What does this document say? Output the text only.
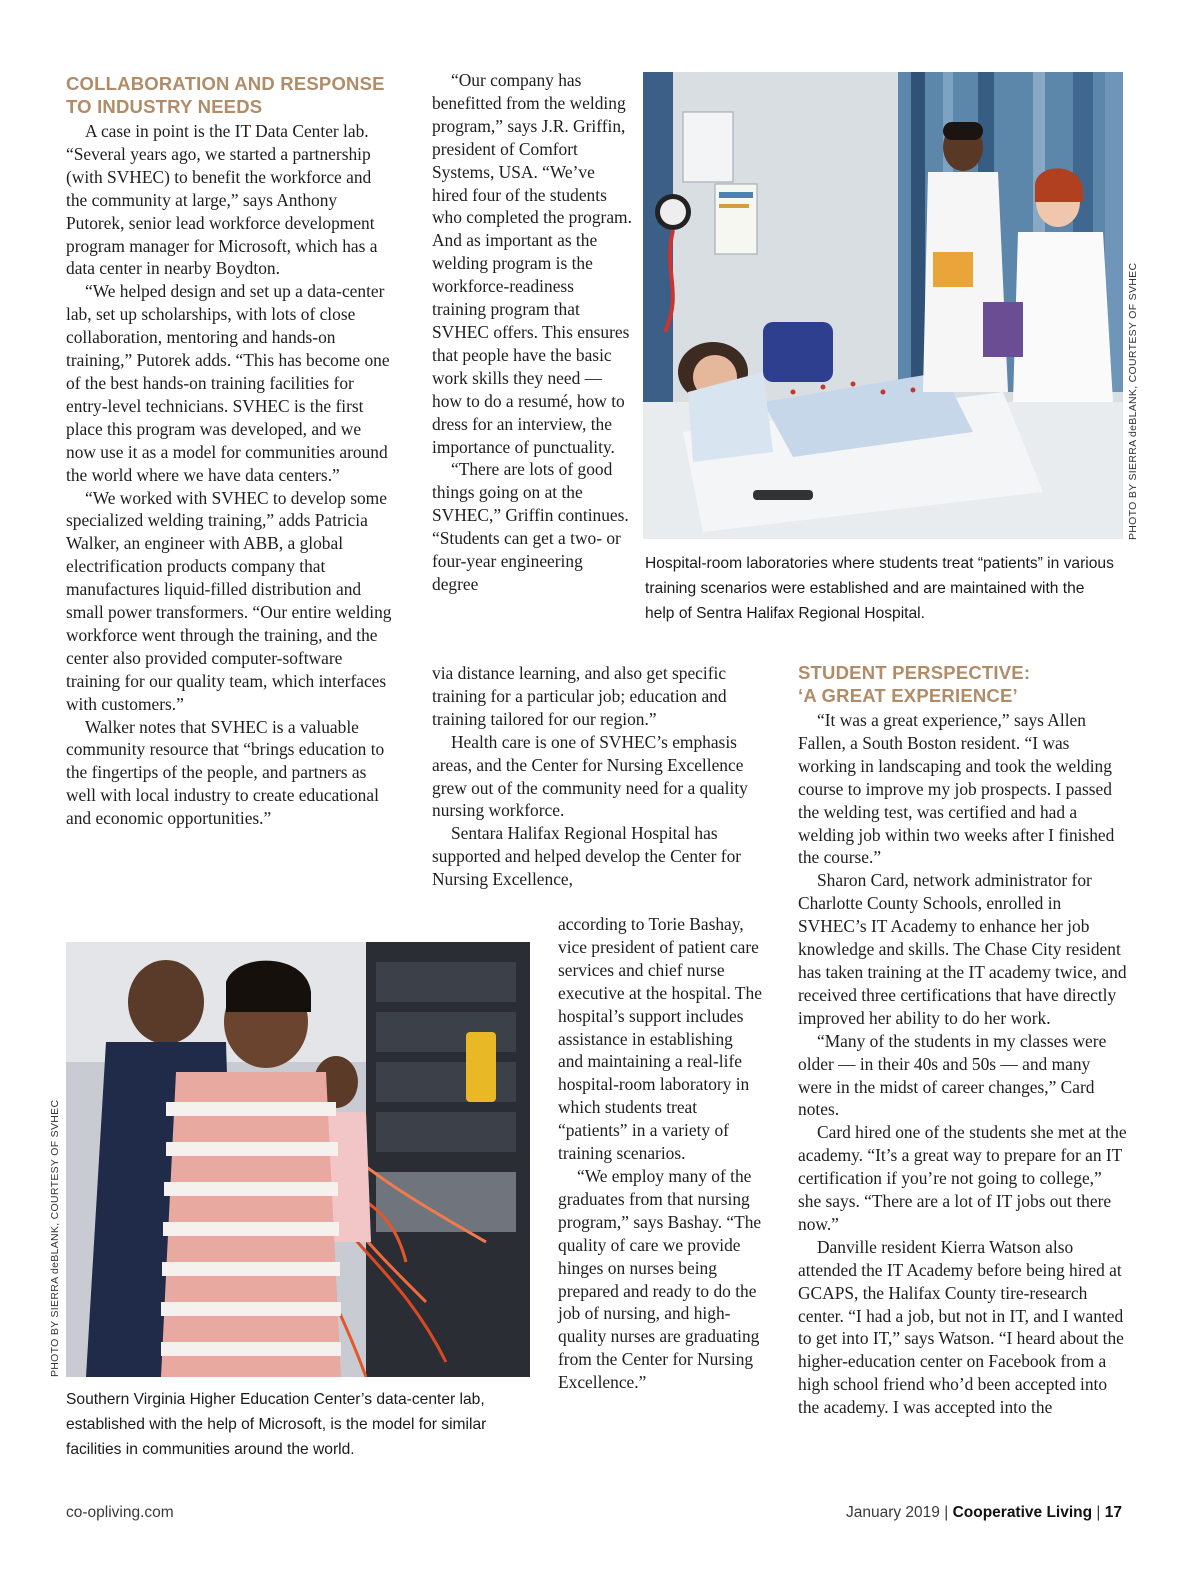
COLLABORATION AND RESPONSE
TO INDUSTRY NEEDS

A case in point is the IT Data Center lab. “Several years ago, we started a partnership (with SVHEC) to benefit the workforce and the community at large,” says Anthony Putorek, senior lead workforce development program manager for Microsoft, which has a data center in nearby Boydton.

“We helped design and set up a data-center lab, set up scholarships, with lots of close collaboration, mentoring and hands-on training,” Putorek adds. “This has become one of the best hands-on training facilities for entry-level technicians. SVHEC is the first place this program was developed, and we now use it as a model for communities around the world where we have data centers.”

“We worked with SVHEC to develop some specialized welding training,” adds Patricia Walker, an engineer with ABB, a global electrification products company that manufactures liquid-filled distribution and small power transformers. “Our entire welding workforce went through the training, and the center also provided computer-software training for our quality team, which interfaces with customers.”

Walker notes that SVHEC is a valuable community resource that “brings education to the fingertips of the people, and partners as well with local industry to create educational and economic opportunities.”

“Our company has benefitted from the welding program,” says J.R. Griffin, president of Comfort Systems, USA. “We’ve hired four of the students who completed the program. And as important as the welding program is the workforce-readiness training program that SVHEC offers. This ensures that people have the basic work skills they need — how to do a resumé, how to dress for an interview, the importance of punctuality.

“There are lots of good things going on at the SVHEC,” Griffin continues. “Students can get a two- or four-year engineering degree

via distance learning, and also get specific training for a particular job; education and training tailored for our region.”

Health care is one of SVHEC’s emphasis areas, and the Center for Nursing Excellence grew out of the community need for a quality nursing workforce.

Sentara Halifax Regional Hospital has supported and helped develop the Center for Nursing Excellence,

according to Torie Bashay, vice president of patient care services and chief nurse executive at the hospital. The hospital’s support includes assistance in establishing and maintaining a real-life hospital-room laboratory in which students treat “patients” in a variety of training scenarios.

“We employ many of the graduates from that nursing program,” says Bashay. “The quality of care we provide hinges on nurses being prepared and ready to do the job of nursing, and high-quality nurses are graduating from the Center for Nursing Excellence.”

STUDENT PERSPECTIVE:
‘A GREAT EXPERIENCE’

“It was a great experience,” says Allen Fallen, a South Boston resident. “I was working in landscaping and took the welding course to improve my job prospects. I passed the welding test, was certified and had a welding job within two weeks after I finished the course.”

Sharon Card, network administrator for Charlotte County Schools, enrolled in SVHEC’s IT Academy to enhance her job knowledge and skills. The Chase City resident has taken training at the IT academy twice, and received three certifications that have directly improved her ability to do her work.

“Many of the students in my classes were older — in their 40s and 50s — and many were in the midst of career changes,” Card notes.

Card hired one of the students she met at the academy. “It’s a great way to prepare for an IT certification if you’re not going to college,” she says. “There are a lot of IT jobs out there now.”

Danville resident Kierra Watson also attended the IT Academy before being hired at GCAPS, the Halifax County tire-research center. “I had a job, but not in IT, and I wanted to get into IT,” says Watson. “I heard about the higher-education center on Facebook from a high school friend who’d been accepted into the academy. I was accepted into the

PHOTO BY SIERRA deBLANK, COURTESY OF SVHEC
Hospital-room laboratories where students treat “patients” in various training scenarios were established and are maintained with the help of Sentra Halifax Regional Hospital.
PHOTO BY SIERRA deBLANK, COURTESY OF SVHEC
Southern Virginia Higher Education Center’s data-center lab, established with the help of Microsoft, is the model for similar facilities in communities around the world.
co-opliving.com	January 2019 | Cooperative Living | 17
